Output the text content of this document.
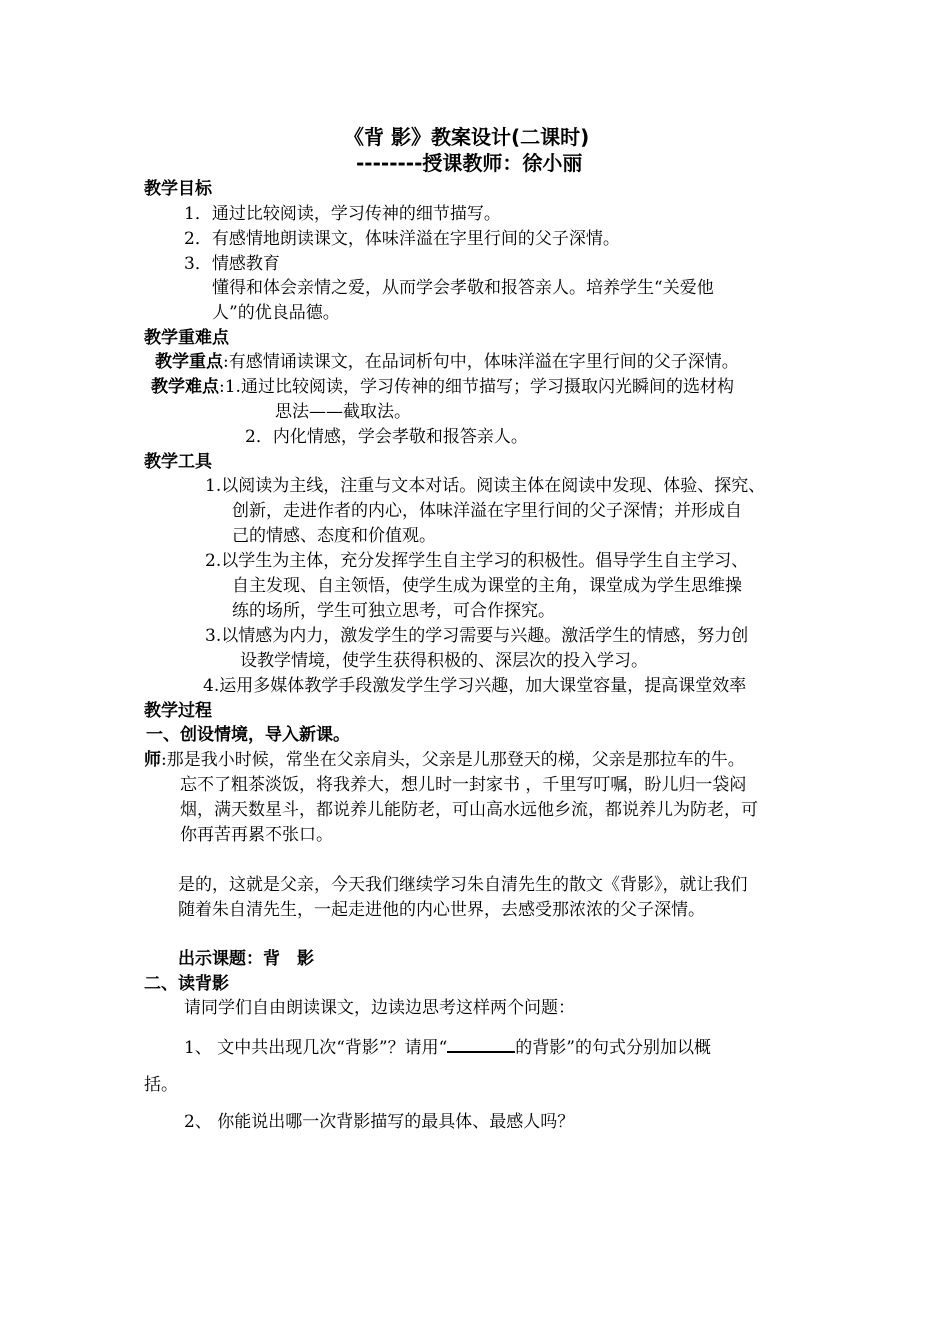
《背 影》教案设计(二课时)
--------授课教师：徐小丽
教学目标
1．通过比较阅读，学习传神的细节描写。
2．有感情地朗读课文，体味洋溢在字里行间的父子深情。
3．情感教育
懂得和体会亲情之爱，从而学会孝敬和报答亲人。培养学生“关爱他
人”的优良品德。
教学重难点
教学重点:有感情诵读课文，在品词析句中，体味洋溢在字里行间的父子深情。
教学难点:1.通过比较阅读，学习传神的细节描写；学习摄取闪光瞬间的选材构
思法——截取法。
2．内化情感，学会孝敬和报答亲人。
教学工具
1.以阅读为主线，注重与文本对话。阅读主体在阅读中发现、体验、探究、
创新，走进作者的内心，体味洋溢在字里行间的父子深情；并形成自
己的情感、态度和价值观。
2.以学生为主体，充分发挥学生自主学习的积极性。倡导学生自主学习、
自主发现、自主领悟，使学生成为课堂的主角，课堂成为学生思维操
练的场所，学生可独立思考，可合作探究。
3.以情感为内力，激发学生的学习需要与兴趣。激活学生的情感，努力创
设教学情境，使学生获得积极的、深层次的投入学习。
4.运用多媒体教学手段激发学生学习兴趣，加大课堂容量，提高课堂效率
教学过程
一、创设情境，导入新课。
师:那是我小时候，常坐在父亲肩头，父亲是儿那登天的梯，父亲是那拉车的牛。
忘不了粗茶淡饭，将我养大，想儿时一封家书 ，千里写叮嘱，盼儿归一袋闷
烟，满天数星斗，都说养儿能防老，可山高水远他乡流，都说养儿为防老，可
你再苦再累不张口。
是的，这就是父亲，今天我们继续学习朱自清先生的散文《背影》，就让我们
随着朱自清先生，一起走进他的内心世界，去感受那浓浓的父子深情。
出示课题：背　影
二、读背影
请同学们自由朗读课文，边读边思考这样两个问题：
1、 文中共出现几次“背影”？请用“	的背影”的句式分别加以概
括。
2、 你能说出哪一次背影描写的最具体、最感人吗？
